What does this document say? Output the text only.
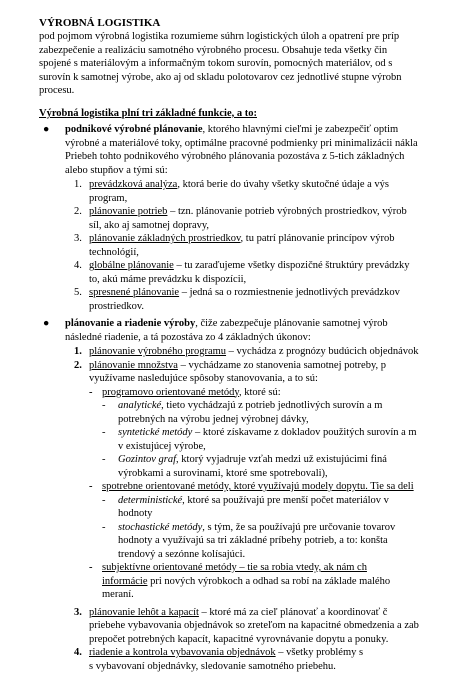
VÝROBNÁ LOGISTIKA
pod pojmom výrobná logistika rozumieme súhrn logistických úloh a opatrení pre príp
zabezpečenie a realizáciu samotného výrobného procesu. Obsahuje teda všetky čin
spojené s materiálovým a informačným tokom surovín, pomocných materiálov, od s
surovín k samotnej výrobe, ako aj od skladu polotovarov cez jednotlivé stupne výrobn
procesu.
Výrobná logistika plní tri základné funkcie, a to:
● podnikové výrobné plánovanie, ktorého hlavnými cieľmi je zabezpečiť optim
výrobné a materiálové toky, optimálne pracovné podmienky pri minimalizácii nákla
Priebeh tohto podnikového výrobného plánovania pozostáva z 5-tich základných
alebo stupňov a tými sú:
1. prevádzková analýza, ktorá berie do úvahy všetky skutočné údaje a výs
program,
2. plánovanie potrieb – tzn. plánovanie potrieb výrobných prostriedkov, výrob
síl, ako aj samotnej dopravy,
3. plánovanie základných prostriedkov, tu patrí plánovanie princípov výrob
technológií,
4. globálne plánovanie – tu zaraďujeme všetky dispozičné štruktúry prevádzky
to, akú máme prevádzku k dispozícii,
5. spresnené plánovanie – jedná sa o rozmiestnenie jednotlivých prevádzkov
prostriedkov.
● plánovanie a riadenie výroby, čiže zabezpečuje plánovanie samotnej výrob
následné riadenie, a tá pozostáva zo 4 základných úkonov:
1. plánovanie výrobného programu – vychádza z prognózy budúcich objednávok
2. plánovanie množstva – vychádzame zo stanovenia samotnej potreby, p
využívame nasledujúce spôsoby stanovovania, a to sú:
- programovo orientované metódy, ktoré sú:
- analytické, tieto vychádzajú z potrieb jednotlivých surovín a m
potrebných na výrobu jednej výrobnej dávky,
- syntetické metódy – ktoré získavame z dokladov použitých surovín a m
v existujúcej výrobe,
- Gozintov graf, ktorý vyjadruje vzťah medzi už existujúcimi finá
výrobkami a surovinami, ktoré sme spotrebovali),
- spotrebne orientované metódy, ktoré využívajú modely dopytu. Tie sa deli
- deterministické, ktoré sa používajú pre menší počet materiálov v
hodnoty
- stochastické metódy, s tým, že sa používajú pre určovanie tovarov
hodnoty a využívajú sa tri základné príbehy potrieb, a to: konšta
trendový a sezónne kolísajúci.
- subjektívne orientované metódy – tie sa robia vtedy, ak nám ch
informácie pri nových výrobkoch a odhad sa robí na základe malého
meraní.
3. plánovanie lehôt a kapacít – ktoré má za cieľ plánovať a koordinovať č
priebehe vybavovania objednávok so zreteľom na kapacitné obmedzenia a zab
prepočet potrebných kapacít, kapacitné vyrovnávanie dopytu a ponuky.
4. riadenie a kontrola vybavovania objednávok – všetky problémy s
s vybavovaní objednávky, sledovanie samotného priebehu.
